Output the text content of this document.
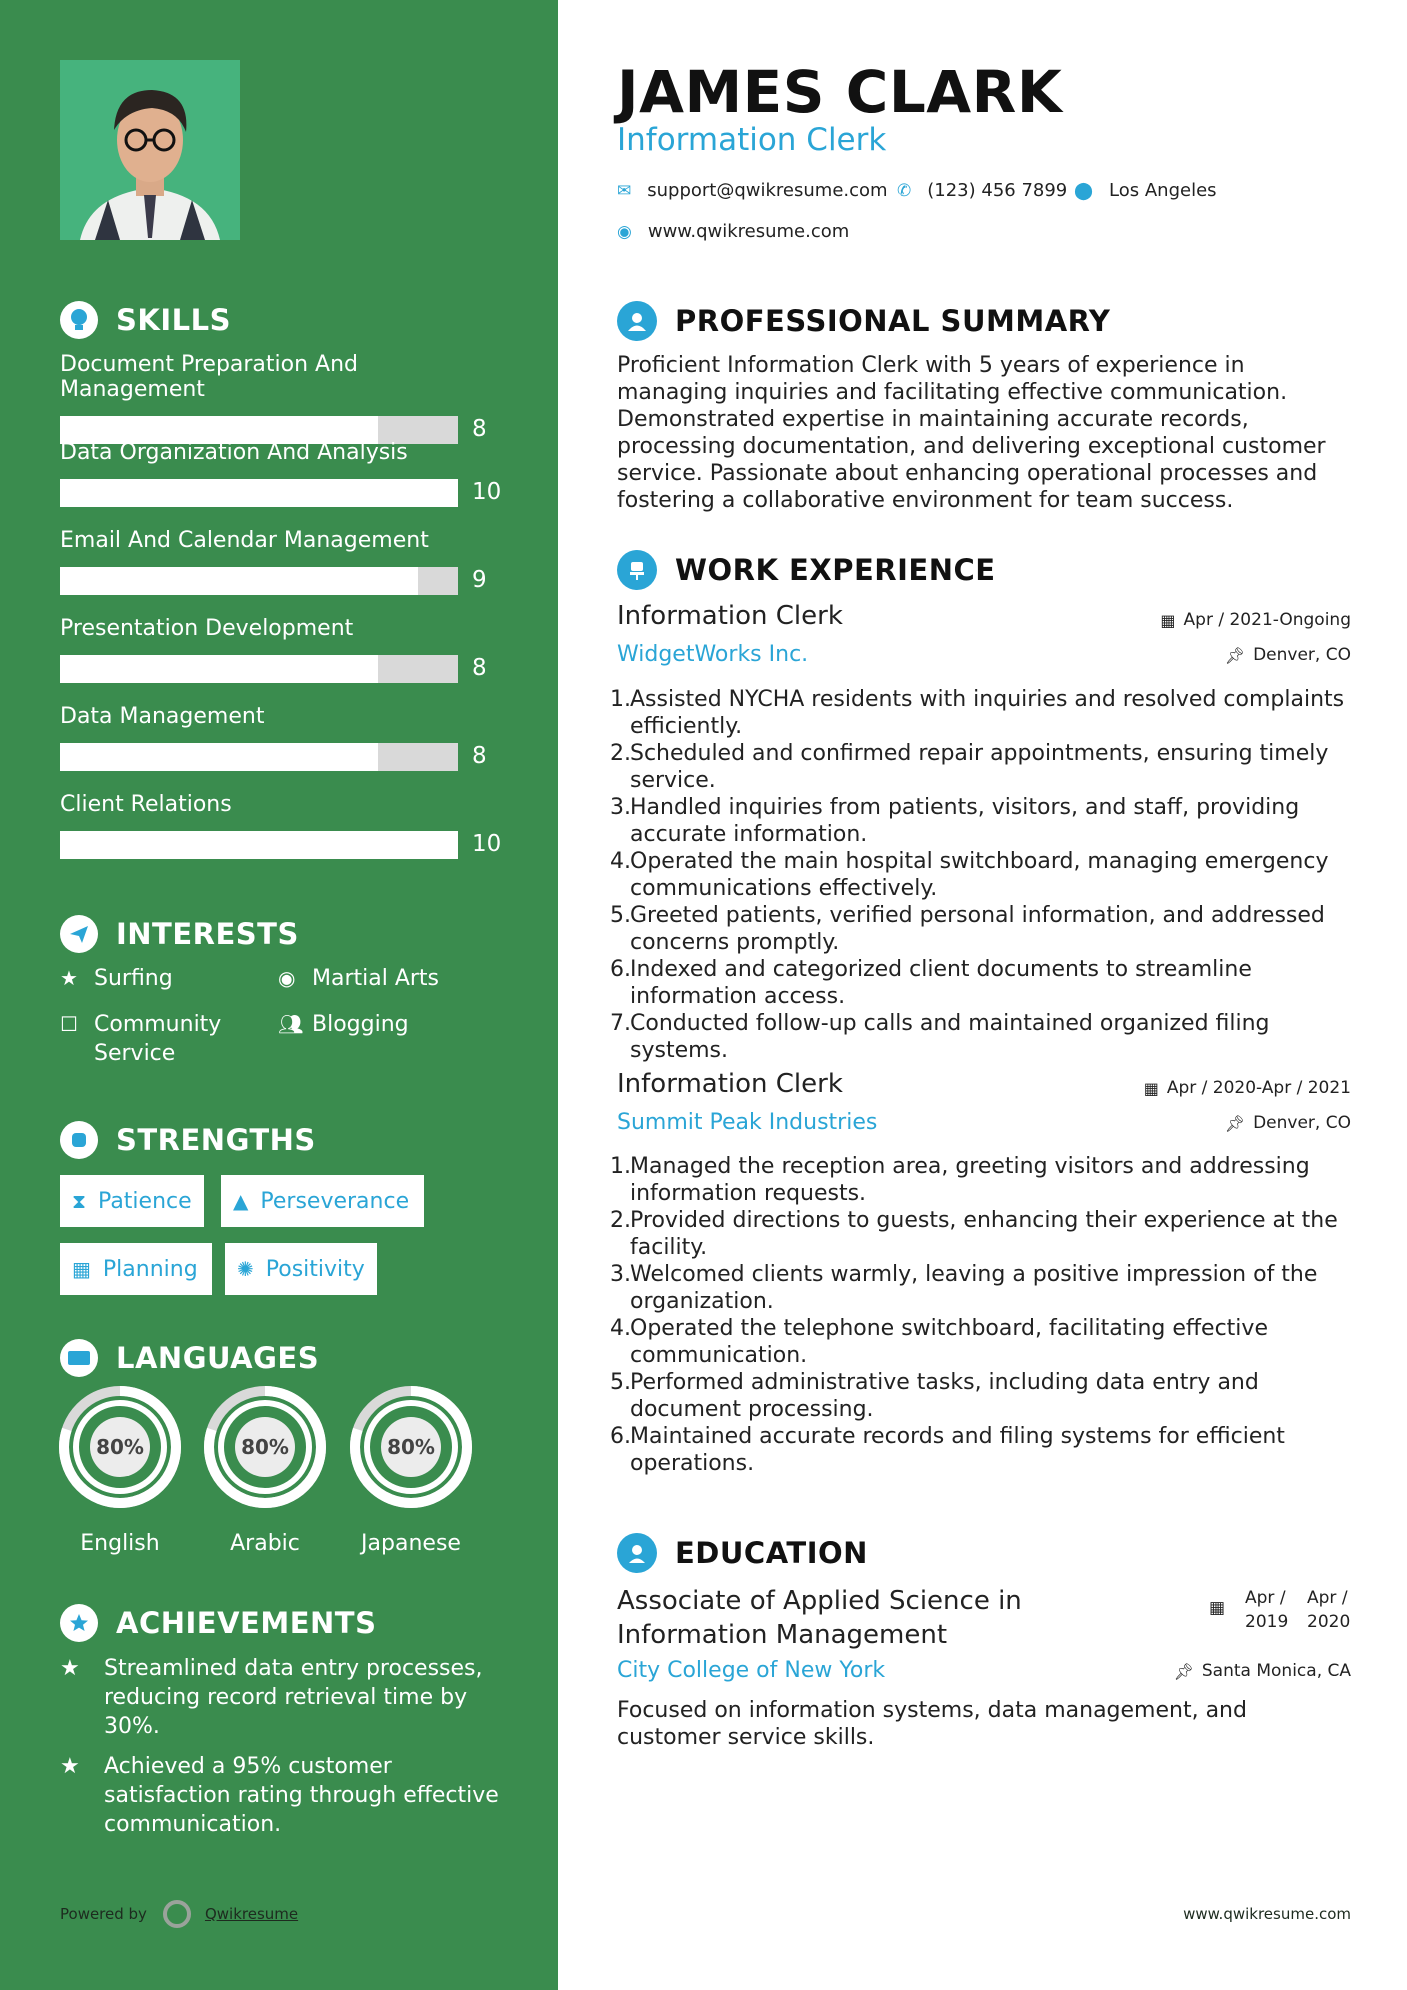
SKILLS
Document Preparation And Management
8
Data Organization And Analysis
10
Email And Calendar Management
9
Presentation Development
8
Data Management
8
Client Relations
10
INTERESTS
★ Surfing	◉ Martial Arts
☐ Community Service
👥︎ Blogging
STRENGTHS
⧗ Patience ▲ Perseverance
▦ Planning ✺ Positivity
LANGUAGES
80%
English
80%
Arabic
80%
Japanese
ACHIEVEMENTS
★	Streamlined data entry processes, reducing record retrieval time by 30%.
★	Achieved a 95% customer satisfaction rating through effective communication.
Powered by	Qwikresume
JAMES CLARK
Information Clerk
✉ support@qwikresume.com ✆ (123) 456 7899 ⬤ Los Angeles
◉ www.qwikresume.com
PROFESSIONAL SUMMARY
Proficient Information Clerk with 5 years of experience in managing inquiries and facilitating effective communication. Demonstrated expertise in maintaining accurate records, processing documentation, and delivering exceptional customer service. Passionate about enhancing operational processes and fostering a collaborative environment for team success.
WORK EXPERIENCE
Information Clerk	▦ Apr / 2021-Ongoing
WidgetWorks Inc.	📌︎ Denver, CO
1. Assisted NYCHA residents with inquiries and resolved complaints efficiently.
2. Scheduled and confirmed repair appointments, ensuring timely service.
3. Handled inquiries from patients, visitors, and staff, providing accurate information.
4. Operated the main hospital switchboard, managing emergency communications effectively.
5. Greeted patients, verified personal information, and addressed concerns promptly.
6. Indexed and categorized client documents to streamline information access.
7. Conducted follow-up calls and maintained organized filing systems.
Information Clerk	▦ Apr / 2020-Apr / 2021
Summit Peak Industries	📌︎ Denver, CO
1. Managed the reception area, greeting visitors and addressing information requests.
2. Provided directions to guests, enhancing their experience at the facility.
3. Welcomed clients warmly, leaving a positive impression of the organization.
4. Operated the telephone switchboard, facilitating effective communication.
5. Performed administrative tasks, including data entry and document processing.
6. Maintained accurate records and filing systems for efficient operations.
EDUCATION
Associate of Applied Science in Information Management
▦ Apr / 2019
Apr / 2020
City College of New York	📌︎ Santa Monica, CA
Focused on information systems, data management, and customer service skills.
www.qwikresume.com
